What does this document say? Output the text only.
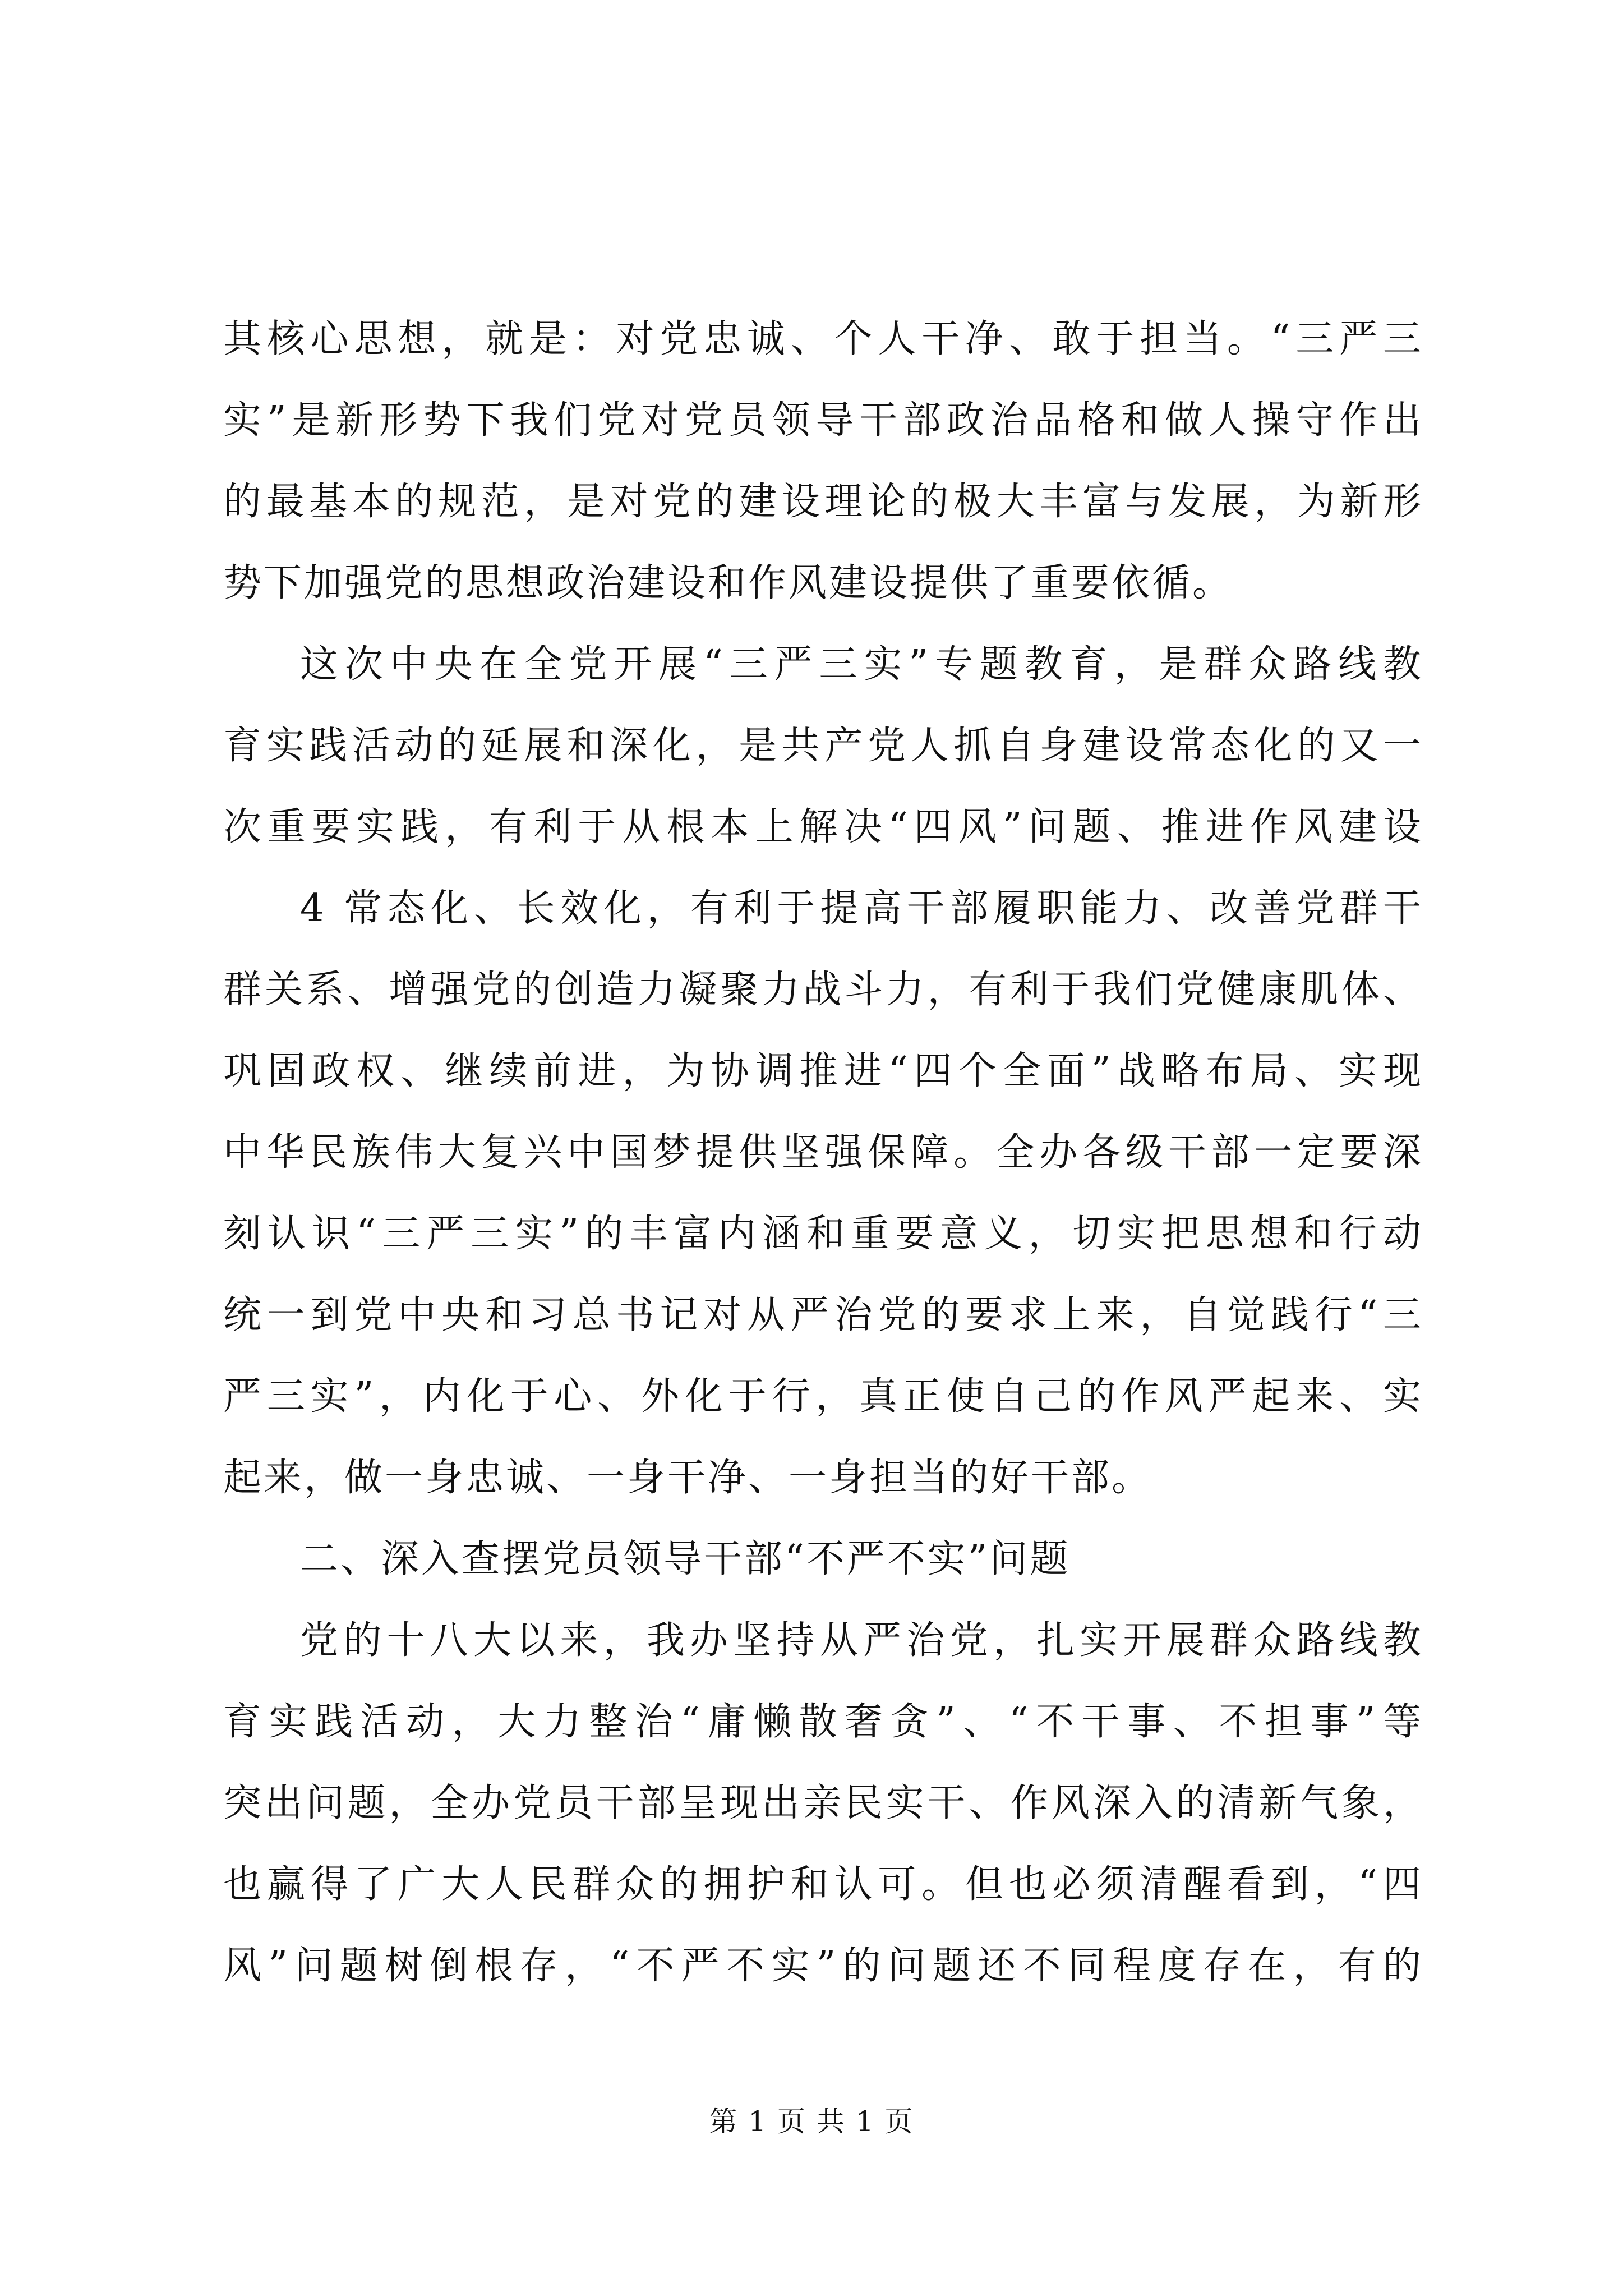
其核心思想，就是：对党忠诚、个人干净、敢于担当。“三严三
实”是新形势下我们党对党员领导干部政治品格和做人操守作出
的最基本的规范，是对党的建设理论的极大丰富与发展，为新形
势下加强党的思想政治建设和作风建设提供了重要依循。
这次中央在全党开展“三严三实”专题教育，是群众路线教
育实践活动的延展和深化，是共产党人抓自身建设常态化的又一
次重要实践，有利于从根本上解决“四风”问题、推进作风建设
4 常态化、长效化，有利于提高干部履职能力、改善党群干
群关系、增强党的创造力凝聚力战斗力，有利于我们党健康肌体、
巩固政权、继续前进，为协调推进“四个全面”战略布局、实现
中华民族伟大复兴中国梦提供坚强保障。全办各级干部一定要深
刻认识“三严三实”的丰富内涵和重要意义，切实把思想和行动
统一到党中央和习总书记对从严治党的要求上来，自觉践行“三
严三实”，内化于心、外化于行，真正使自己的作风严起来、实
起来，做一身忠诚、一身干净、一身担当的好干部。
二、深入查摆党员领导干部“不严不实”问题
党的十八大以来，我办坚持从严治党，扎实开展群众路线教
育实践活动，大力整治“庸懒散奢贪”、“不干事、不担事”等
突出问题，全办党员干部呈现出亲民实干、作风深入的清新气象，
也赢得了广大人民群众的拥护和认可。但也必须清醒看到，“四
风”问题树倒根存，“不严不实”的问题还不同程度存在，有的
第 1 页 共 1 页
